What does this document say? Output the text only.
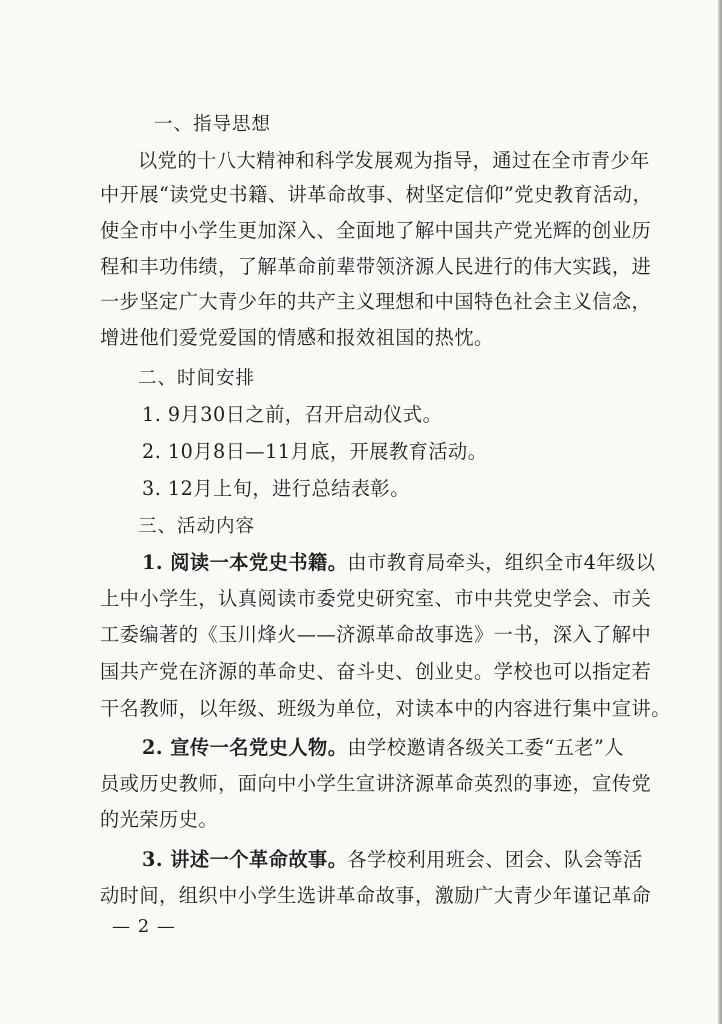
一、指导思想
以党的十八大精神和科学发展观为指导，通过在全市青少年
中开展“读党史书籍、讲革命故事、树坚定信仰”党史教育活动，
使全市中小学生更加深入、全面地了解中国共产党光辉的创业历
程和丰功伟绩，了解革命前辈带领济源人民进行的伟大实践，进
一步坚定广大青少年的共产主义理想和中国特色社会主义信念，
增进他们爱党爱国的情感和报效祖国的热忱。
二、时间安排
1. 9月30日之前，召开启动仪式。
2. 10月8日—11月底，开展教育活动。
3. 12月上旬，进行总结表彰。
三、活动内容
1. 阅读一本党史书籍。由市教育局牵头，组织全市4年级以
上中小学生，认真阅读市委党史研究室、市中共党史学会、市关
工委编著的《玉川烽火——济源革命故事选》一书，深入了解中
国共产党在济源的革命史、奋斗史、创业史。学校也可以指定若
干名教师，以年级、班级为单位，对读本中的内容进行集中宣讲。
2. 宣传一名党史人物。由学校邀请各级关工委“五老”人
员或历史教师，面向中小学生宣讲济源革命英烈的事迹，宣传党
的光荣历史。
3. 讲述一个革命故事。各学校利用班会、团会、队会等活
动时间，组织中小学生选讲革命故事，激励广大青少年谨记革命
— 2 —
